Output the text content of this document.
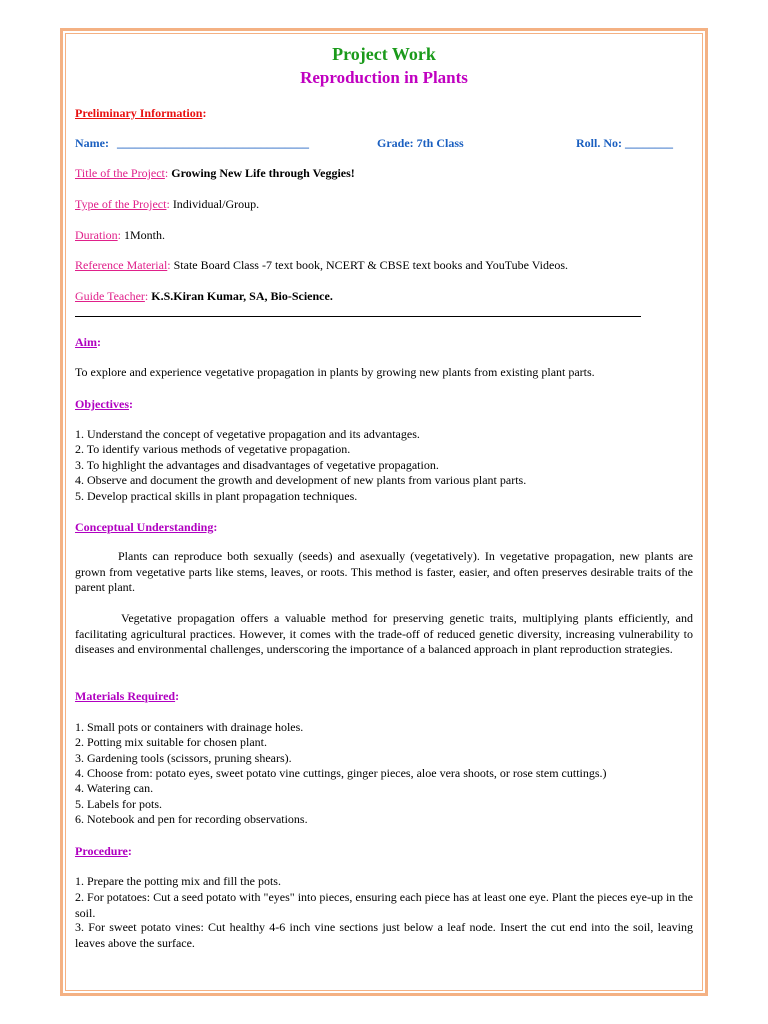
Project Work
Reproduction in Plants
Preliminary Information:
Name: ________________________________	Grade: 7th Class	Roll. No: ________
Title of the Project: Growing New Life through Veggies!
Type of the Project: Individual/Group.
Duration: 1Month.
Reference Material: State Board Class -7 text book, NCERT & CBSE text books and YouTube Videos.
Guide Teacher: K.S.Kiran Kumar, SA, Bio-Science.
Aim:
To explore and experience vegetative propagation in plants by growing new plants from existing plant parts.
Objectives:
1. Understand the concept of vegetative propagation and its advantages.
2. To identify various methods of vegetative propagation.
3. To highlight the advantages and disadvantages of vegetative propagation.
4. Observe and document the growth and development of new plants from various plant parts.
5. Develop practical skills in plant propagation techniques.
Conceptual Understanding:
Plants can reproduce both sexually (seeds) and asexually (vegetatively). In vegetative propagation, new plants are grown from vegetative parts like stems, leaves, or roots. This method is faster, easier, and often preserves desirable traits of the parent plant.
Vegetative propagation offers a valuable method for preserving genetic traits, multiplying plants efficiently, and facilitating agricultural practices. However, it comes with the trade-off of reduced genetic diversity, increasing vulnerability to diseases and environmental challenges, underscoring the importance of a balanced approach in plant reproduction strategies.
Materials Required:
1. Small pots or containers with drainage holes.
2. Potting mix suitable for chosen plant.
3. Gardening tools (scissors, pruning shears).
4. Choose from: potato eyes, sweet potato vine cuttings, ginger pieces, aloe vera shoots, or rose stem cuttings.)
4. Watering can.
5. Labels for pots.
6. Notebook and pen for recording observations.
Procedure:
1. Prepare the potting mix and fill the pots.
2. For potatoes: Cut a seed potato with "eyes" into pieces, ensuring each piece has at least one eye. Plant the pieces eye-up in the soil.
3. For sweet potato vines: Cut healthy 4-6 inch vine sections just below a leaf node. Insert the cut end into the soil, leaving leaves above the surface.
